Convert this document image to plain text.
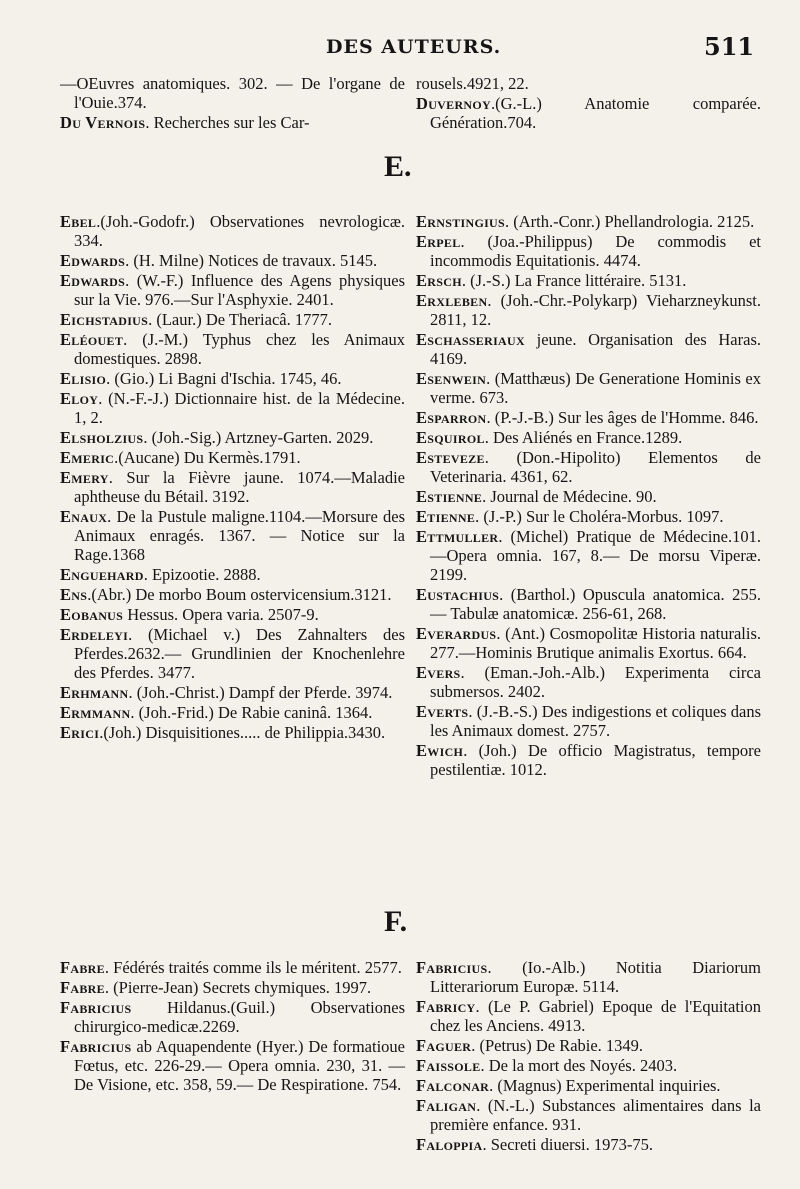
DES AUTEURS.	511

—OEuvres anatomiques. 302. — De l'organe de l'Ouie.374.

Du Vernois. Recherches sur les Car-

rousels.4921, 22.

Duvernoy.(G.-L.) Anatomie comparée. Génération.704.

E.

Ebel.(Joh.-Godofr.) Observationes nevrologicæ. 334.

Edwards. (H. Milne) Notices de travaux. 5145.

Edwards. (W.-F.) Influence des Agens physiques sur la Vie. 976.—Sur l'Asphyxie. 2401.

Eichstadius. (Laur.) De Theriacâ. 1777.

Eléouet. (J.-M.) Typhus chez les Animaux domestiques. 2898.

Elisio. (Gio.) Li Bagni d'Ischia. 1745, 46.

Eloy. (N.-F.-J.) Dictionnaire hist. de la Médecine. 1, 2.

Elsholzius. (Joh.-Sig.) Artzney-Garten. 2029.

Emeric.(Aucane) Du Kermès.1791.

Emery. Sur la Fièvre jaune. 1074.—Maladie aphtheuse du Bétail. 3192.

Enaux. De la Pustule maligne.1104.—Morsure des Animaux enragés. 1367. — Notice sur la Rage.1368

Enguehard. Epizootie. 2888.

Ens.(Abr.) De morbo Boum ostervicensium.3121.

Eobanus Hessus. Opera varia. 2507-9.

Erdeleyi. (Michael v.) Des Zahnalters des Pferdes.2632.— Grundlinien der Knochenlehre des Pferdes. 3477.

Erhmann. (Joh.-Christ.) Dampf der Pferde. 3974.

Ermmann. (Joh.-Frid.) De Rabie caninâ. 1364.

Erici.(Joh.) Disquisitiones..... de Philippia.3430.

Ernstingius. (Arth.-Conr.) Phellandrologia. 2125.

Erpel. (Joa.-Philippus) De commodis et incommodis Equitationis. 4474.

Ersch. (J.-S.) La France littéraire. 5131.

Erxleben. (Joh.-Chr.-Polykarp) Vieharzneykunst. 2811, 12.

Eschasseriaux jeune. Organisation des Haras. 4169.

Esenwein. (Matthæus) De Generatione Hominis ex verme. 673.

Esparron. (P.-J.-B.) Sur les âges de l'Homme. 846.

Esquirol. Des Aliénés en France.1289.

Esteveze. (Don.-Hipolito) Elementos de Veterinaria. 4361, 62.

Estienne. Journal de Médecine. 90.

Etienne. (J.-P.) Sur le Choléra-Morbus. 1097.

Ettmuller. (Michel) Pratique de Médecine.101.—Opera omnia. 167, 8.— De morsu Viperæ. 2199.

Eustachius. (Barthol.) Opuscula anatomica. 255. — Tabulæ anatomicæ. 256-61, 268.

Everardus. (Ant.) Cosmopolitæ Historia naturalis. 277.—Hominis Brutique animalis Exortus. 664.

Evers. (Eman.-Joh.-Alb.) Experimenta circa submersos. 2402.

Everts. (J.-B.-S.) Des indigestions et coliques dans les Animaux domest. 2757.

Ewich. (Joh.) De officio Magistratus, tempore pestilentiæ. 1012.

F.

Fabre. Fédérés traités comme ils le méritent. 2577.

Fabre. (Pierre-Jean) Secrets chymiques. 1997.

Fabricius Hildanus.(Guil.) Observationes chirurgico-medicæ.2269.

Fabricius ab Aquapendente (Hyer.) De formatioue Fœtus, etc. 226-29.— Opera omnia. 230, 31. — De Visione, etc. 358, 59.— De Respiratione. 754.

Fabricius. (Io.-Alb.) Notitia Diariorum Litterariorum Europæ. 5114.

Fabricy. (Le P. Gabriel) Epoque de l'Equitation chez les Anciens. 4913.

Faguer. (Petrus) De Rabie. 1349.

Faissole. De la mort des Noyés. 2403.

Falconar. (Magnus) Experimental inquiries.

Faligan. (N.-L.) Substances alimentaires dans la première enfance. 931.

Faloppia. Secreti diuersi. 1973-75.
